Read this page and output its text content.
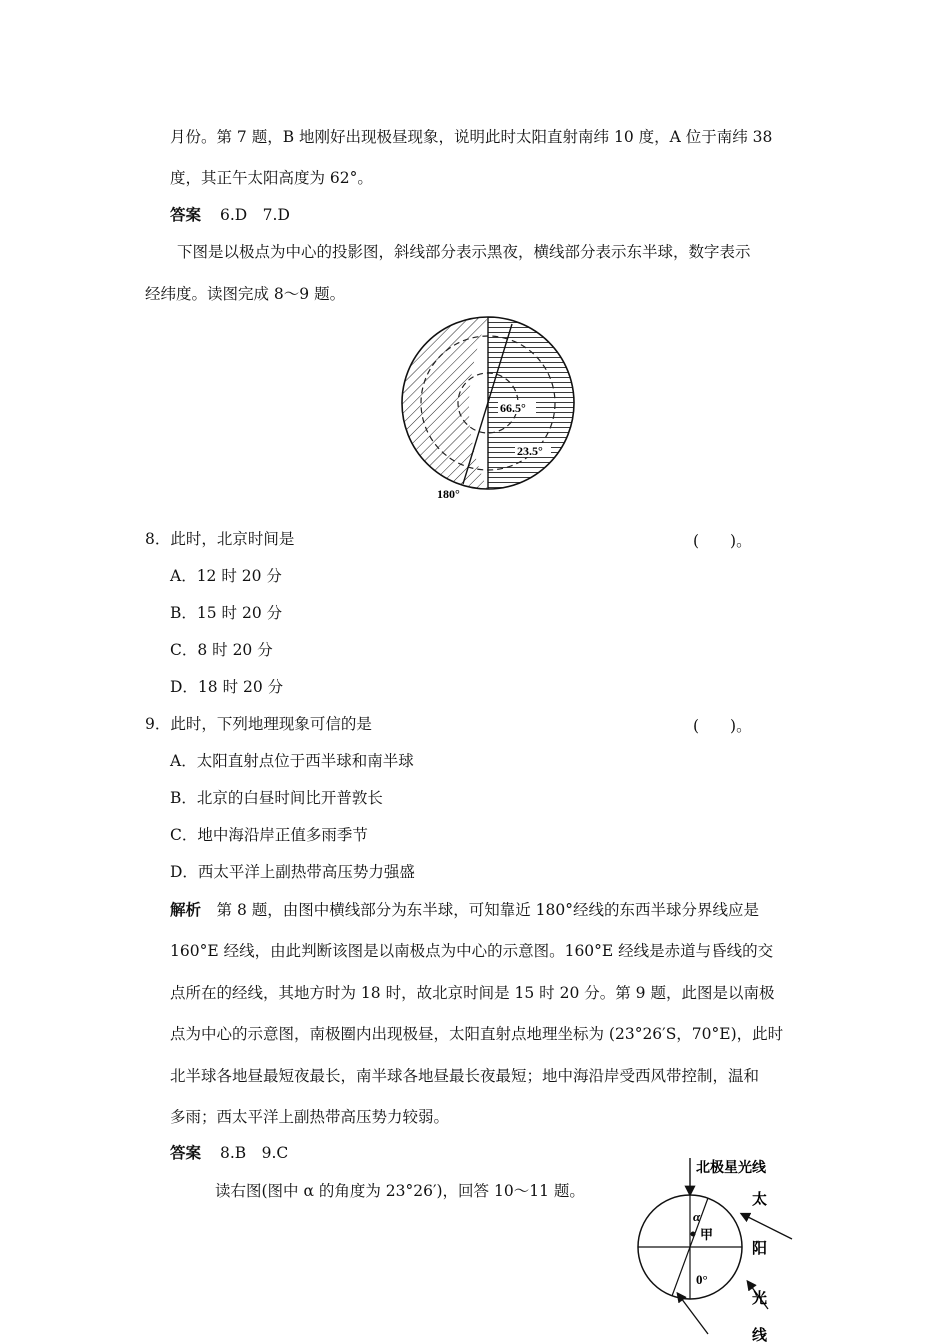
月份。第 7 题，B 地刚好出现极昼现象，说明此时太阳直射南纬 10 度，A 位于南纬 38
度，其正午太阳高度为 62°。
答案 6.D　7.D
下图是以极点为中心的投影图，斜线部分表示黑夜，横线部分表示东半球，数字表示
经纬度。读图完成 8～9 题。
66.5°
23.5°
180°
8．此时，北京时间是	(　　)。
A．12 时 20 分
B．15 时 20 分
C．8 时 20 分
D．18 时 20 分
9．此时，下列地理现象可信的是	(　　)。
A．太阳直射点位于西半球和南半球
B．北京的白昼时间比开普敦长
C．地中海沿岸正值多雨季节
D．西太平洋上副热带高压势力强盛
解析　第 8 题，由图中横线部分为东半球，可知靠近 180°经线的东西半球分界线应是
160°E 经线，由此判断该图是以南极点为中心的示意图。160°E 经线是赤道与昏线的交
点所在的经线，其地方时为 18 时，故北京时间是 15 时 20 分。第 9 题，此图是以南极
点为中心的示意图，南极圈内出现极昼，太阳直射点地理坐标为 (23°26′S，70°E)，此时
北半球各地昼最短夜最长，南半球各地昼最长夜最短；地中海沿岸受西风带控制，温和
多雨；西太平洋上副热带高压势力较弱。
答案 8.B　9.C
读右图(图中 α 的角度为 23°26′)，回答 10～11 题。
北极星光线
α
甲
0°
太
阳
光
线
